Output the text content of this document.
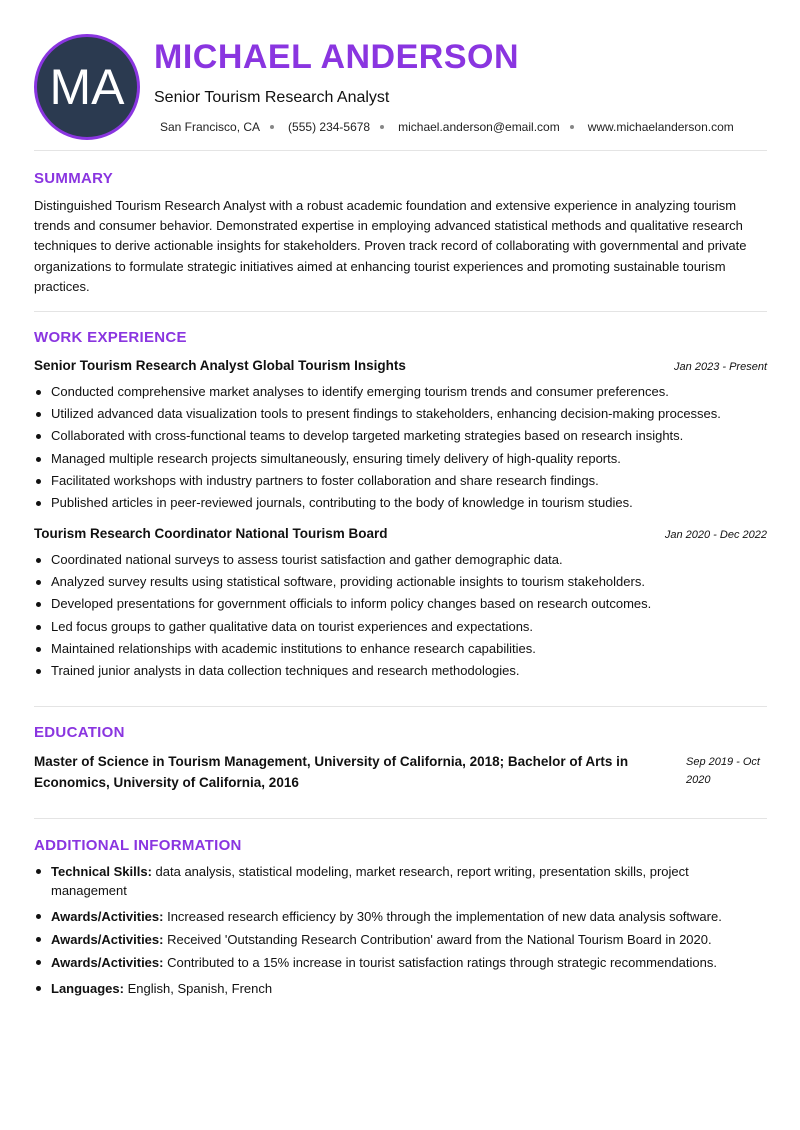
MA
MICHAEL ANDERSON
Senior Tourism Research Analyst
San Francisco, CA (555) 234-5678 michael.anderson@email.com www.michaelanderson.com
SUMMARY

Distinguished Tourism Research Analyst with a robust academic foundation and extensive experience in analyzing tourism trends and consumer behavior. Demonstrated expertise in employing advanced statistical methods and qualitative research techniques to derive actionable insights for stakeholders. Proven track record of collaborating with governmental and private organizations to formulate strategic initiatives aimed at enhancing tourist experiences and promoting sustainable tourism practices.

WORK EXPERIENCE
Senior Tourism Research Analyst Global Tourism Insights	Jan 2023 - Present
Conducted comprehensive market analyses to identify emerging tourism trends and consumer preferences.
Utilized advanced data visualization tools to present findings to stakeholders, enhancing decision-making processes.
Collaborated with cross-functional teams to develop targeted marketing strategies based on research insights.
Managed multiple research projects simultaneously, ensuring timely delivery of high-quality reports.
Facilitated workshops with industry partners to foster collaboration and share research findings.
Published articles in peer-reviewed journals, contributing to the body of knowledge in tourism studies.
Tourism Research Coordinator National Tourism Board	Jan 2020 - Dec 2022
Coordinated national surveys to assess tourist satisfaction and gather demographic data.
Analyzed survey results using statistical software, providing actionable insights to tourism stakeholders.
Developed presentations for government officials to inform policy changes based on research outcomes.
Led focus groups to gather qualitative data on tourist experiences and expectations.
Maintained relationships with academic institutions to enhance research capabilities.
Trained junior analysts in data collection techniques and research methodologies.
EDUCATION
Master of Science in Tourism Management, University of California, 2018; Bachelor of Arts in Economics, University of California, 2016
Sep 2019 - Oct 2020
ADDITIONAL INFORMATION
Technical Skills: data analysis, statistical modeling, market research, report writing, presentation skills, project management
Awards/Activities: Increased research efficiency by 30% through the implementation of new data analysis software.
Awards/Activities: Received 'Outstanding Research Contribution' award from the National Tourism Board in 2020.
Awards/Activities: Contributed to a 15% increase in tourist satisfaction ratings through strategic recommendations.
Languages: English, Spanish, French
